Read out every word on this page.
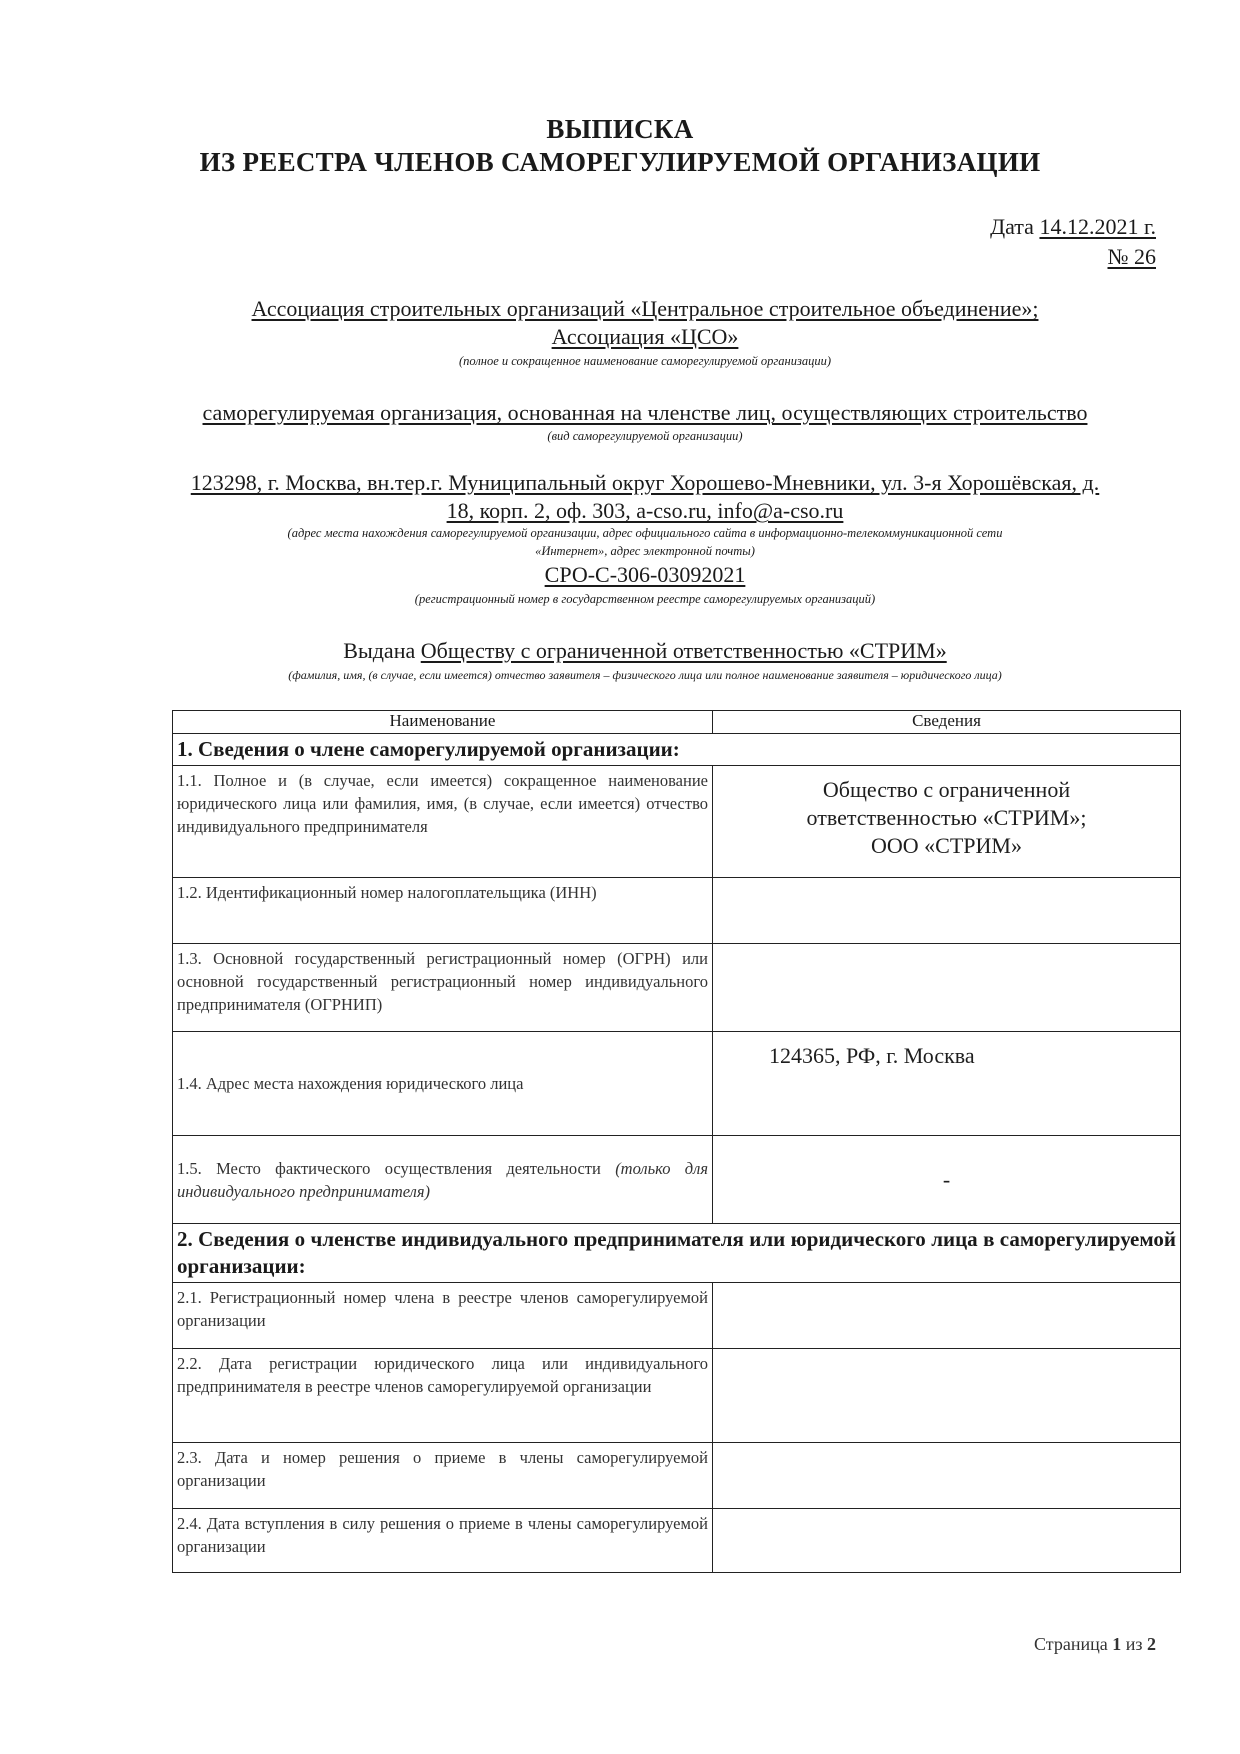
ВЫПИСКА
ИЗ РЕЕСТРА ЧЛЕНОВ САМОРЕГУЛИРУЕМОЙ ОРГАНИЗАЦИИ
Дата 14.12.2021 г.
№ 26
Ассоциация строительных организаций «Центральное строительное объединение»;
Ассоциация «ЦСО»
(полное и сокращенное наименование саморегулируемой организации)
саморегулируемая организация, основанная на членстве лиц, осуществляющих строительство
(вид саморегулируемой организации)
123298, г. Москва, вн.тер.г. Муниципальный округ Хорошево-Мневники, ул. 3-я Хорошёвская, д.
18, корп. 2, оф. 303, a-cso.ru, info@a-cso.ru
(адрес места нахождения саморегулируемой организации, адрес официального сайта в информационно-телекоммуникационной сети
«Интернет», адрес электронной почты)
СРО-С-306-03092021
(регистрационный номер в государственном реестре саморегулируемых организаций)
Выдана Обществу с ограниченной ответственностью «СТРИМ»
(фамилия, имя, (в случае, если имеется) отчество заявителя – физического лица или полное наименование заявителя – юридического лица)
Наименование	Сведения
1. Сведения о члене саморегулируемой организации:	
1.1. Полное и (в случае, если имеется) сокращенное наименование юридического лица или фамилия, имя, (в случае, если имеется) отчество индивидуального предпринимателя	Общество с ограниченной
ответственностью «СТРИМ»;
ООО «СТРИМ»

1.2. Идентификационный номер налогоплательщика (ИНН)	
1.3. Основной государственный регистрационный номер (ОГРН) или основной государственный регистрационный номер индивидуального предпринимателя (ОГРНИП)	
1.4. Адрес места нахождения юридического лица	124365, РФ, г. Москва
1.5. Место фактического осуществления деятельности (только для индивидуального предпринимателя)	-
2. Сведения о членстве индивидуального предпринимателя или юридического лица в саморегулируемой организации:	
2.1. Регистрационный номер члена в реестре членов саморегулируемой организации	
2.2. Дата регистрации юридического лица или индивидуального предпринимателя в реестре членов саморегулируемой организации	
2.3. Дата и номер решения о приеме в члены саморегулируемой организации	
2.4. Дата вступления в силу решения о приеме в члены саморегулируемой организации	
Страница 1 из 2
